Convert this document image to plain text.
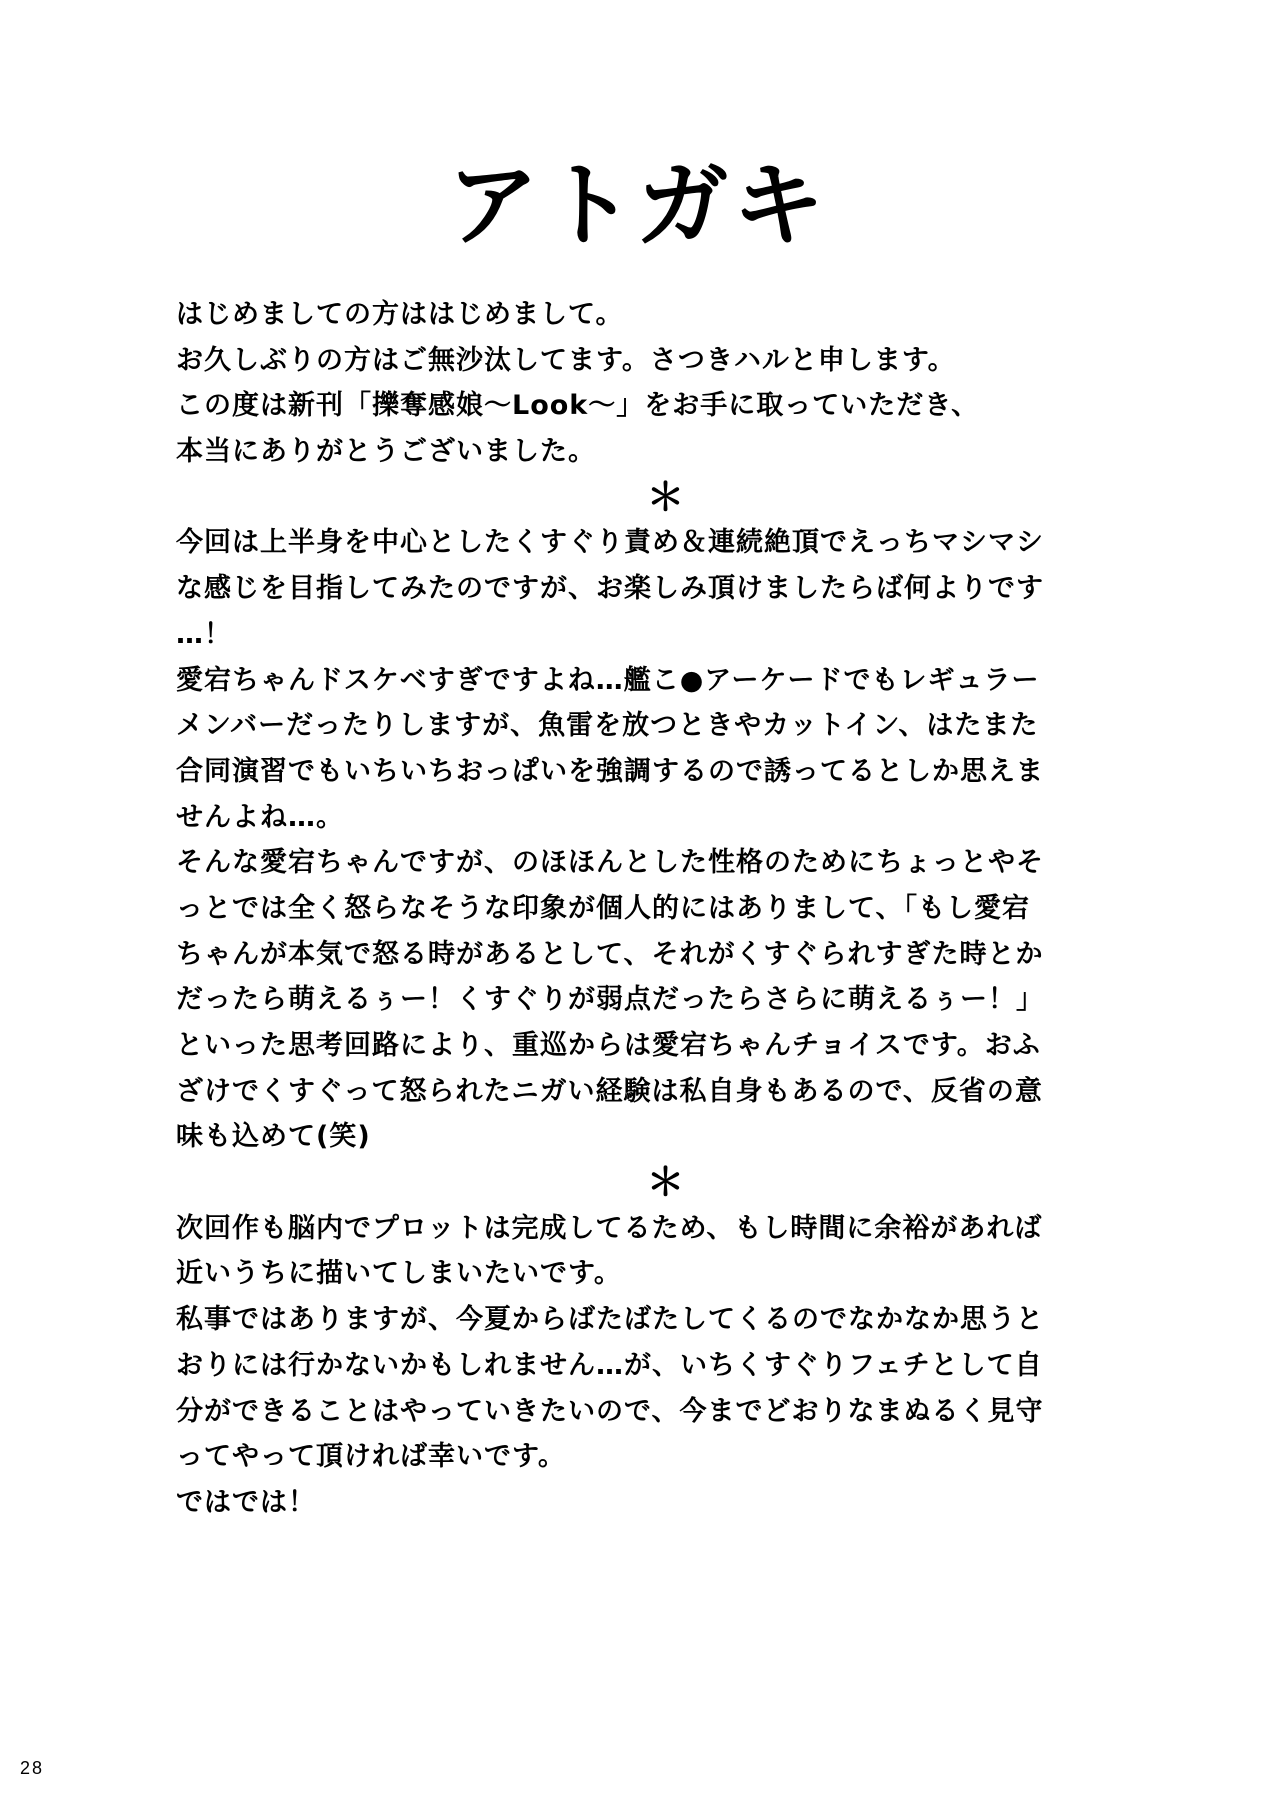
アトガキ
はじめましての方ははじめまして。
お久しぶりの方はご無沙汰してます。さつきハルと申します。
この度は新刊「擽奪感娘〜Look〜」をお手に取っていただき、
本当にありがとうございました。
＊
今回は上半身を中心としたくすぐり責め＆連続絶頂でえっちマシマシ
な感じを目指してみたのですが、お楽しみ頂けましたらば何よりです
…！
愛宕ちゃんドスケベすぎですよね…艦こ●アーケードでもレギュラー
メンバーだったりしますが、魚雷を放つときやカットイン、はたまた
合同演習でもいちいちおっぱいを強調するので誘ってるとしか思えま
せんよね…。
そんな愛宕ちゃんですが、のほほんとした性格のためにちょっとやそ
っとでは全く怒らなそうな印象が個人的にはありまして、「もし愛宕
ちゃんが本気で怒る時があるとして、それがくすぐられすぎた時とか
だったら萌えるぅー！くすぐりが弱点だったらさらに萌えるぅー！」
といった思考回路により、重巡からは愛宕ちゃんチョイスです。おふ
ざけでくすぐって怒られたニガい経験は私自身もあるので、反省の意
味も込めて(笑)
＊
次回作も脳内でプロットは完成してるため、もし時間に余裕があれば
近いうちに描いてしまいたいです。
私事ではありますが、今夏からばたばたしてくるのでなかなか思うと
おりには行かないかもしれません…が、いちくすぐりフェチとして自
分ができることはやっていきたいので、今までどおりなまぬるく見守
ってやって頂ければ幸いです。
ではでは！
28
